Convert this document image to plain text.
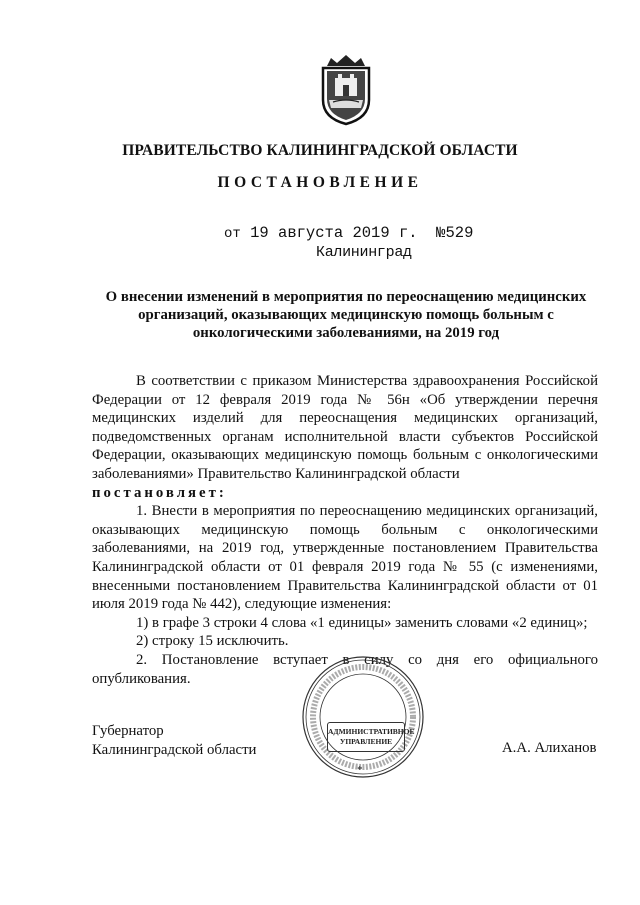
ПРАВИТЕЛЬСТВО КАЛИНИНГРАДСКОЙ ОБЛАСТИ
ПОСТАНОВЛЕНИЕ
от 19 августа 2019 г. №529
Калининград
О внесении изменений в мероприятия по переоснащению медицинских организаций, оказывающих медицинскую помощь больным с онкологическими заболеваниями, на 2019 год

В соответствии с приказом Министерства здравоохранения Российской Федерации от 12 февраля 2019 года № 56н «Об утверждении перечня медицинских изделий для переоснащения медицинских организаций, подведомственных органам исполнительной власти субъектов Российской Федерации, оказывающих медицинскую помощь больным с онкологическими заболеваниями» Правительство Калининградской области

постановляет:

1. Внести в мероприятия по переоснащению медицинских организаций, оказывающих медицинскую помощь больным с онкологическими заболеваниями, на 2019 год, утвержденные постановлением Правительства Калининградской области от 01 февраля 2019 года № 55 (с изменениями, внесенными постановлением Правительства Калининградской области от 01 июля 2019 года № 442), следующие изменения:

1) в графе 3 строки 4 слова «1 единицы» заменить словами «2 единиц»;

2) строку 15 исключить.

2. Постановление вступает в силу со дня его официального опубликования.

АДМИНИСТРАТИВНОЕ
УПРАВЛЕНИЕ
*
Губернатор
Калининградской области	А.А. Алиханов
